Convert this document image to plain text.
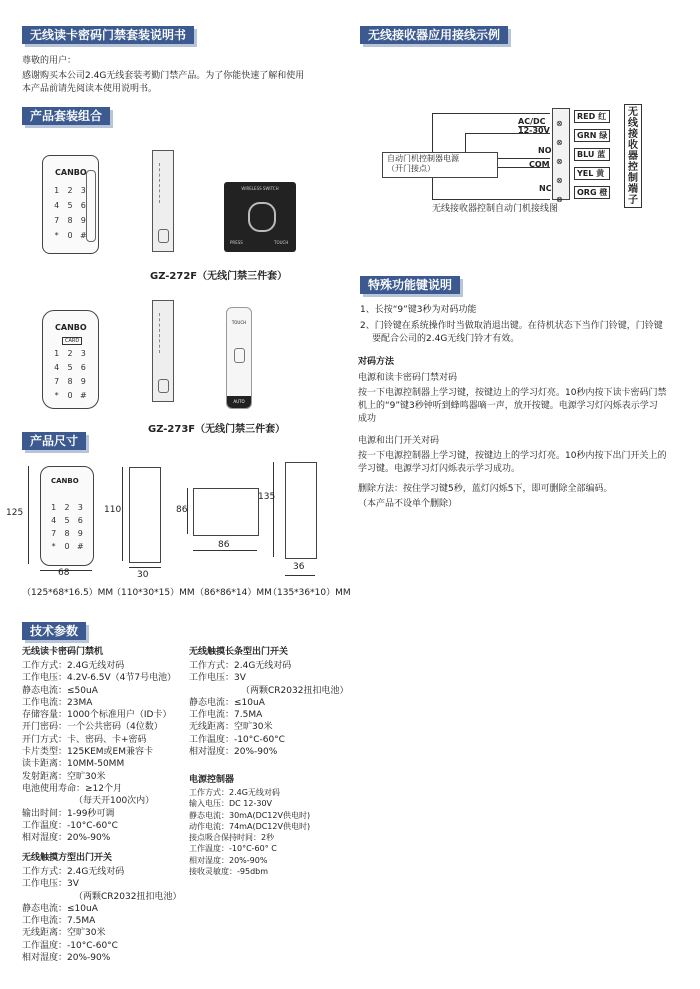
无线读卡密码门禁套装说明书	无线接收器应用接线示例
产品套装组合
产品尺寸
特殊功能键说明
技术参数
尊敬的用户：
感谢购买本公司2.4G无线套装考勤门禁产品。为了你能快速了解和使用
本产品前请先阅读本使用说明书。
CANBO
1	2	3
4	5	6
7	8	9
*	0 #
WIRELESS SWITCH
PRESS	TOUCH
GZ-272F（无线门禁三件套）
CANBO
CARD
1	2	3
4	5	6
7	8	9
*	0 #
TOUCH
AUTO
GZ-273F（无线门禁三件套）
CANBO
1	2	3
4	5	6
7	8	9
*	0 #
125
68
（125*68*16.5）MM
110
30
（110*30*15）MM
86
86
（86*86*14）MM
135
36
（135*36*10）MM
AC/DC
12-30V
NO
COM
NC
自动门机控制器电源
（开门接点）
⊗
⊗
⊗
⊗
⊗
RED 红
GRN 绿
BLU 蓝
YEL 黄
ORG 橙
无线接收器控制端子
无线接收器控制自动门机接线图
1、长按“9”键3秒为对码功能
2、门铃键在系统操作时当做取消退出键。在待机状态下当作门铃键，门铃键
要配合公司的2.4G无线门铃才有效。
对码方法
电源和读卡密码门禁对码
按一下电源控制器上学习键，按键边上的学习灯亮。10秒内按下读卡密码门禁
机上的“9”键3秒钟听到蜂鸣器嘀一声，放开按键。电源学习灯闪烁表示学习
成功
电源和出门开关对码
按一下电源控制器上学习键，按键边上的学习灯亮。10秒内按下出门开关上的
学习键。电源学习灯闪烁表示学习成功。
删除方法：按住学习键5秒，蓝灯闪烁5下，即可删除全部编码。
（本产品不设单个删除）
无线读卡密码门禁机
工作方式：2.4G无线对码
工作电压：4.2V-6.5V（4节7号电池）
静态电流：≤50uA
工作电流：23MA
存储容量：1000个标准用户（ID卡）
开门密码：一个公共密码（4位数）
开门方式：卡、密码、卡+密码
卡片类型：125KEM或EM兼容卡
读卡距离：10MM-50MM
发射距离：空旷30米
电池使用寿命：≥12个月
（每天开100次内）
输出时间：1-99秒可调
工作温度：-10°C-60°C
相对湿度：20%-90%
无线触摸方型出门开关
工作方式：2.4G无线对码
工作电压：3V
（两颗CR2032扭扣电池）
静态电流：≤10uA
工作电流：7.5MA
无线距离：空旷30米
工作温度：-10°C-60°C
相对湿度：20%-90%
无线触摸长条型出门开关
工作方式：2.4G无线对码
工作电压：3V
（两颗CR2032扭扣电池）
静态电流：≤10uA
工作电流：7.5MA
无线距离：空旷30米
工作温度：-10°C-60°C
相对湿度：20%-90%
电源控制器
工作方式：2.4G无线对码
输入电压：DC 12-30V
静态电流：30mA(DC12V供电时)
动作电流：74mA(DC12V供电时)
接点吸合保持时间：2秒
工作温度：-10°C-60° C
相对湿度：20%-90%
接收灵敏度：-95dbm
